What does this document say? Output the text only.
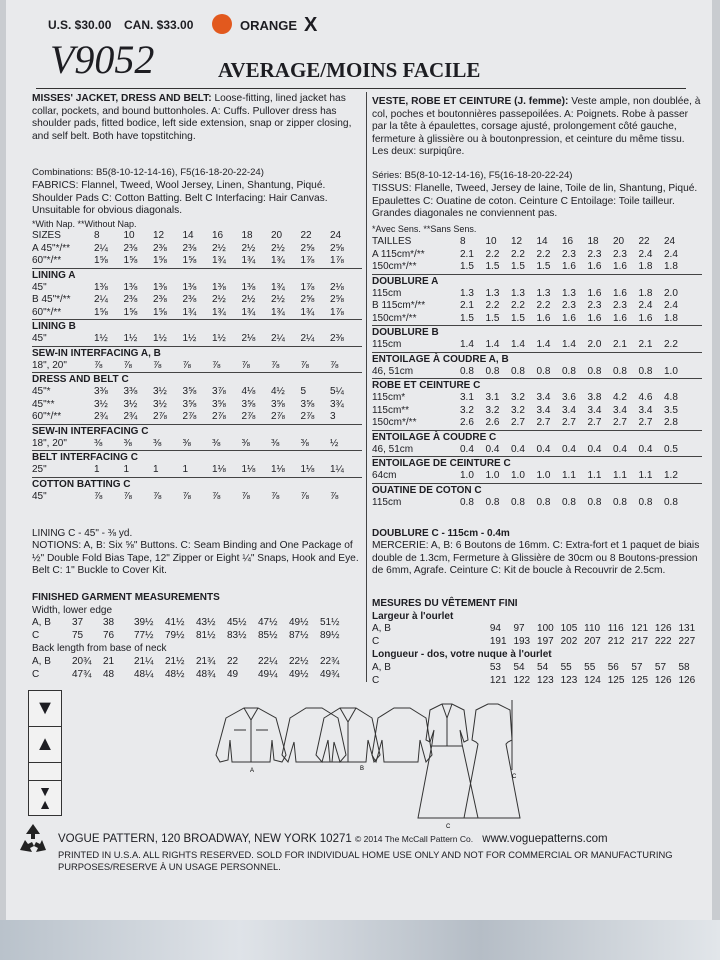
U.S. $30.00 CAN. $33.00	ORANGE X
V9052	AVERAGE/MOINS FACILE
MISSES' JACKET, DRESS AND BELT: Loose-fitting, lined jacket has collar, pockets, and bound buttonholes. A: Cuffs. Pullover dress has shoulder pads, fitted bodice, left side extension, snap or zipper closing, and self belt. Both have topstitching.
Combinations: B5(8-10-12-14-16), F5(16-18-20-22-24)
FABRICS: Flannel, Tweed, Wool Jersey, Linen, Shantung, Piqué. Shoulder Pads C: Cotton Batting. Belt C Interfacing: Hair Canvas. Unsuitable for obvious diagonals.
*With Nap. **Without Nap.
SIZES	8	10	12	14	16	18	20	22	24
A 45"*/**	2¼	2⅜	2⅜	2⅜	2½	2½	2½	2⅝	2⅝
60"*/**	1⅝	1⅝	1⅝	1⅝	1¾	1¾	1¾	1⅞	1⅞
LINING A
45"	1⅜	1⅜	1⅜	1⅜	1⅜	1⅜	1¾	1⅞	2⅛
B 45"*/**	2¼	2⅜	2⅜	2⅜	2½	2½	2½	2⅝	2⅝
60"*/**	1⅝	1⅝	1⅝	1¾	1¾	1¾	1¾	1¾	1⅞
LINING B
45"	1½	1½	1½	1½	1½	2⅛	2¼	2¼	2⅜
SEW-IN INTERFACING A, B
18", 20"	⅞	⅞	⅞	⅞	⅞	⅞	⅞	⅞	⅞
DRESS AND BELT C
45"*	3⅜	3⅜	3½	3⅝	3⅞	4⅛	4½	5	5¼
45"**	3½	3½	3½	3⅝	3⅝	3⅝	3⅝	3⅝	3¾
60"*/**	2¾	2¾	2⅞	2⅞	2⅞	2⅞	2⅞	2⅞	3
SEW-IN INTERFACING C
18", 20"	⅜	⅜	⅜	⅜	⅜	⅜	⅜	⅜	½
BELT INTERFACING C
25"	1	1	1	1	1⅛	1⅛	1⅛	1⅛	1¼
COTTON BATTING C
45"	⅞	⅞	⅞	⅞	⅞	⅞	⅞	⅞	⅞
LINING C - 45" - ⅜ yd.
NOTIONS: A, B: Six ⅝" Buttons. C: Seam Binding and One Package of ½" Double Fold Bias Tape, 12" Zipper or Eight ¼" Snaps, Hook and Eye. Belt C: 1" Buckle to Cover Kit.
FINISHED GARMENT MEASUREMENTS
Width, lower edge
A, B	37	38	39½	41½	43½	45½	47½	49½	51½
C	75	76	77½	79½	81½	83½	85½	87½	89½
Back length from base of neck
A, B	20¾	21	21¼	21½	21¾	22	22¼	22½	22¾
C	47¾	48	48¼	48½	48¾	49	49¼	49½	49¾
VESTE, ROBE ET CEINTURE (J. femme): Veste ample, non doublée, à col, poches et boutonnières passepoilées. A: Poignets. Robe à passer par la tête à épaulettes, corsage ajusté, prolongement côté gauche, fermeture à glissière ou à boutonpression, et ceinture du même tissu. Les deux: surpiqûre.
Séries: B5(8-10-12-14-16), F5(16-18-20-22-24)
TISSUS: Flanelle, Tweed, Jersey de laine, Toile de lin, Shantung, Piqué. Epaulettes C: Ouatine de coton. Ceinture C Entoilage: Toile tailleur. Grandes diagonales ne conviennent pas.
*Avec Sens. **Sans Sens.
TAILLES	8	10	12	14	16	18	20	22	24
A 115cm*/**	2.1	2.2	2.2	2.2	2.3	2.3	2.3	2.4	2.4
150cm*/**	1.5	1.5	1.5	1.5	1.6	1.6	1.6	1.8	1.8
DOUBLURE A
115cm	1.3	1.3	1.3	1.3	1.3	1.6	1.6	1.8	2.0
B 115cm*/**	2.1	2.2	2.2	2.2	2.3	2.3	2.3	2.4	2.4
150cm*/**	1.5	1.5	1.5	1.6	1.6	1.6	1.6	1.6	1.8
DOUBLURE B
115cm	1.4	1.4	1.4	1.4	1.4	2.0	2.1	2.1	2.2
ENTOILAGE À COUDRE A, B
46, 51cm	0.8	0.8	0.8	0.8	0.8	0.8	0.8	0.8	1.0
ROBE ET CEINTURE C
115cm*	3.1	3.1	3.2	3.4	3.6	3.8	4.2	4.6	4.8
115cm**	3.2	3.2	3.2	3.4	3.4	3.4	3.4	3.4	3.5
150cm*/**	2.6	2.6	2.7	2.7	2.7	2.7	2.7	2.7	2.8
ENTOILAGE À COUDRE C
46, 51cm	0.4	0.4	0.4	0.4	0.4	0.4	0.4	0.4	0.5
ENTOILAGE DE CEINTURE C
64cm	1.0	1.0	1.0	1.0	1.1	1.1	1.1	1.1	1.2
OUATINE DE COTON C
115cm	0.8	0.8	0.8	0.8	0.8	0.8	0.8	0.8	0.8
DOUBLURE C - 115cm - 0.4m
MERCERIE: A, B: 6 Boutons de 16mm. C: Extra-fort et 1 paquet de biais double de 1.3cm, Fermeture à Glissière de 30cm ou 8 Boutons-pression de 6mm, Agrafe. Ceinture C: Kit de boucle à Recouvrir de 2.5cm.
MESURES DU VÊTEMENT FINI
Largeur à l'ourlet
A, B	94	97	100 105 110 116 121 126 131
C	191 193 197 202 207 212 217 222 227
Longueur - dos, votre nuque à l'ourlet
A, B	53	54	54	55	55	56	57	57	58
C	121 122 123 123 124 125 125 126 126
▼
▲
▼
▲
A	B
C
C
VOGUE PATTERN, 120 BROADWAY, NEW YORK 10271 © 2014 The McCall Pattern Co. www.voguepatterns.com
PRINTED IN U.S.A. ALL RIGHTS RESERVED. SOLD FOR INDIVIDUAL HOME USE ONLY AND NOT FOR COMMERCIAL OR MANUFACTURING PURPOSES/RESERVE À UN USAGE PERSONNEL.
